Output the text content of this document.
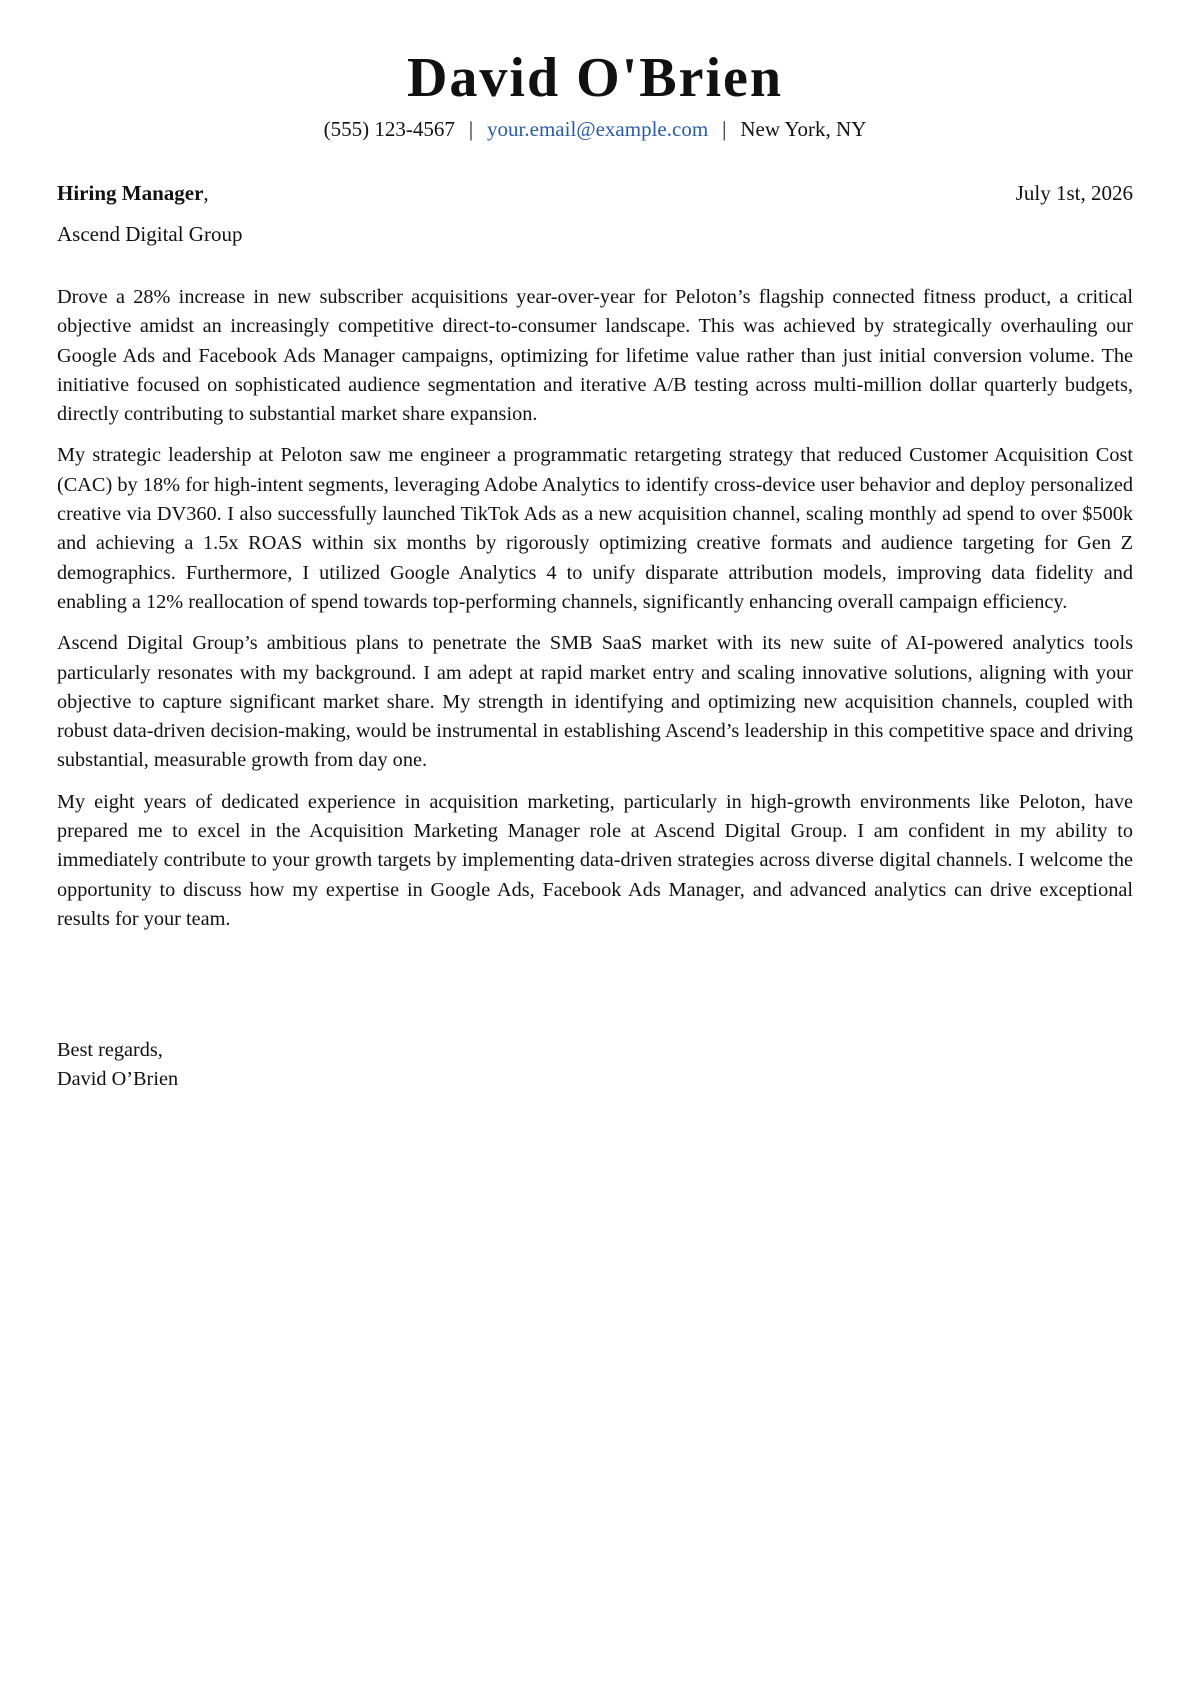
David O'Brien
(555) 123-4567 | your.email@example.com | New York, NY
Hiring Manager,	July 1st, 2026
Ascend Digital Group

Drove a 28% increase in new subscriber acquisitions year-over-year for Peloton’s flagship connected fitness product, a critical objective amidst an increasingly competitive direct-to-consumer landscape. This was achieved by strategically overhauling our Google Ads and Facebook Ads Manager campaigns, optimizing for lifetime value rather than just initial conversion volume. The initiative focused on sophisticated audience segmentation and iterative A/B testing across multi-million dollar quarterly budgets, directly contributing to substantial market share expansion.

My strategic leadership at Peloton saw me engineer a programmatic retargeting strategy that reduced Customer Acquisition Cost (CAC) by 18% for high-intent segments, leveraging Adobe Analytics to identify cross-device user behavior and deploy personalized creative via DV360. I also successfully launched TikTok Ads as a new acquisition channel, scaling monthly ad spend to over $500k and achieving a 1.5x ROAS within six months by rigorously optimizing creative formats and audience targeting for Gen Z demographics. Furthermore, I utilized Google Analytics 4 to unify disparate attribution models, improving data fidelity and enabling a 12% reallocation of spend towards top-performing channels, significantly enhancing overall campaign efficiency.

Ascend Digital Group’s ambitious plans to penetrate the SMB SaaS market with its new suite of AI-powered analytics tools particularly resonates with my background. I am adept at rapid market entry and scaling innovative solutions, aligning with your objective to capture significant market share. My strength in identifying and optimizing new acquisition channels, coupled with robust data-driven decision-making, would be instrumental in establishing Ascend’s leadership in this competitive space and driving substantial, measurable growth from day one.

My eight years of dedicated experience in acquisition marketing, particularly in high-growth environments like Peloton, have prepared me to excel in the Acquisition Marketing Manager role at Ascend Digital Group. I am confident in my ability to immediately contribute to your growth targets by implementing data-driven strategies across diverse digital channels. I welcome the opportunity to discuss how my expertise in Google Ads, Facebook Ads Manager, and advanced analytics can drive exceptional results for your team.

Best regards,
David O’Brien
